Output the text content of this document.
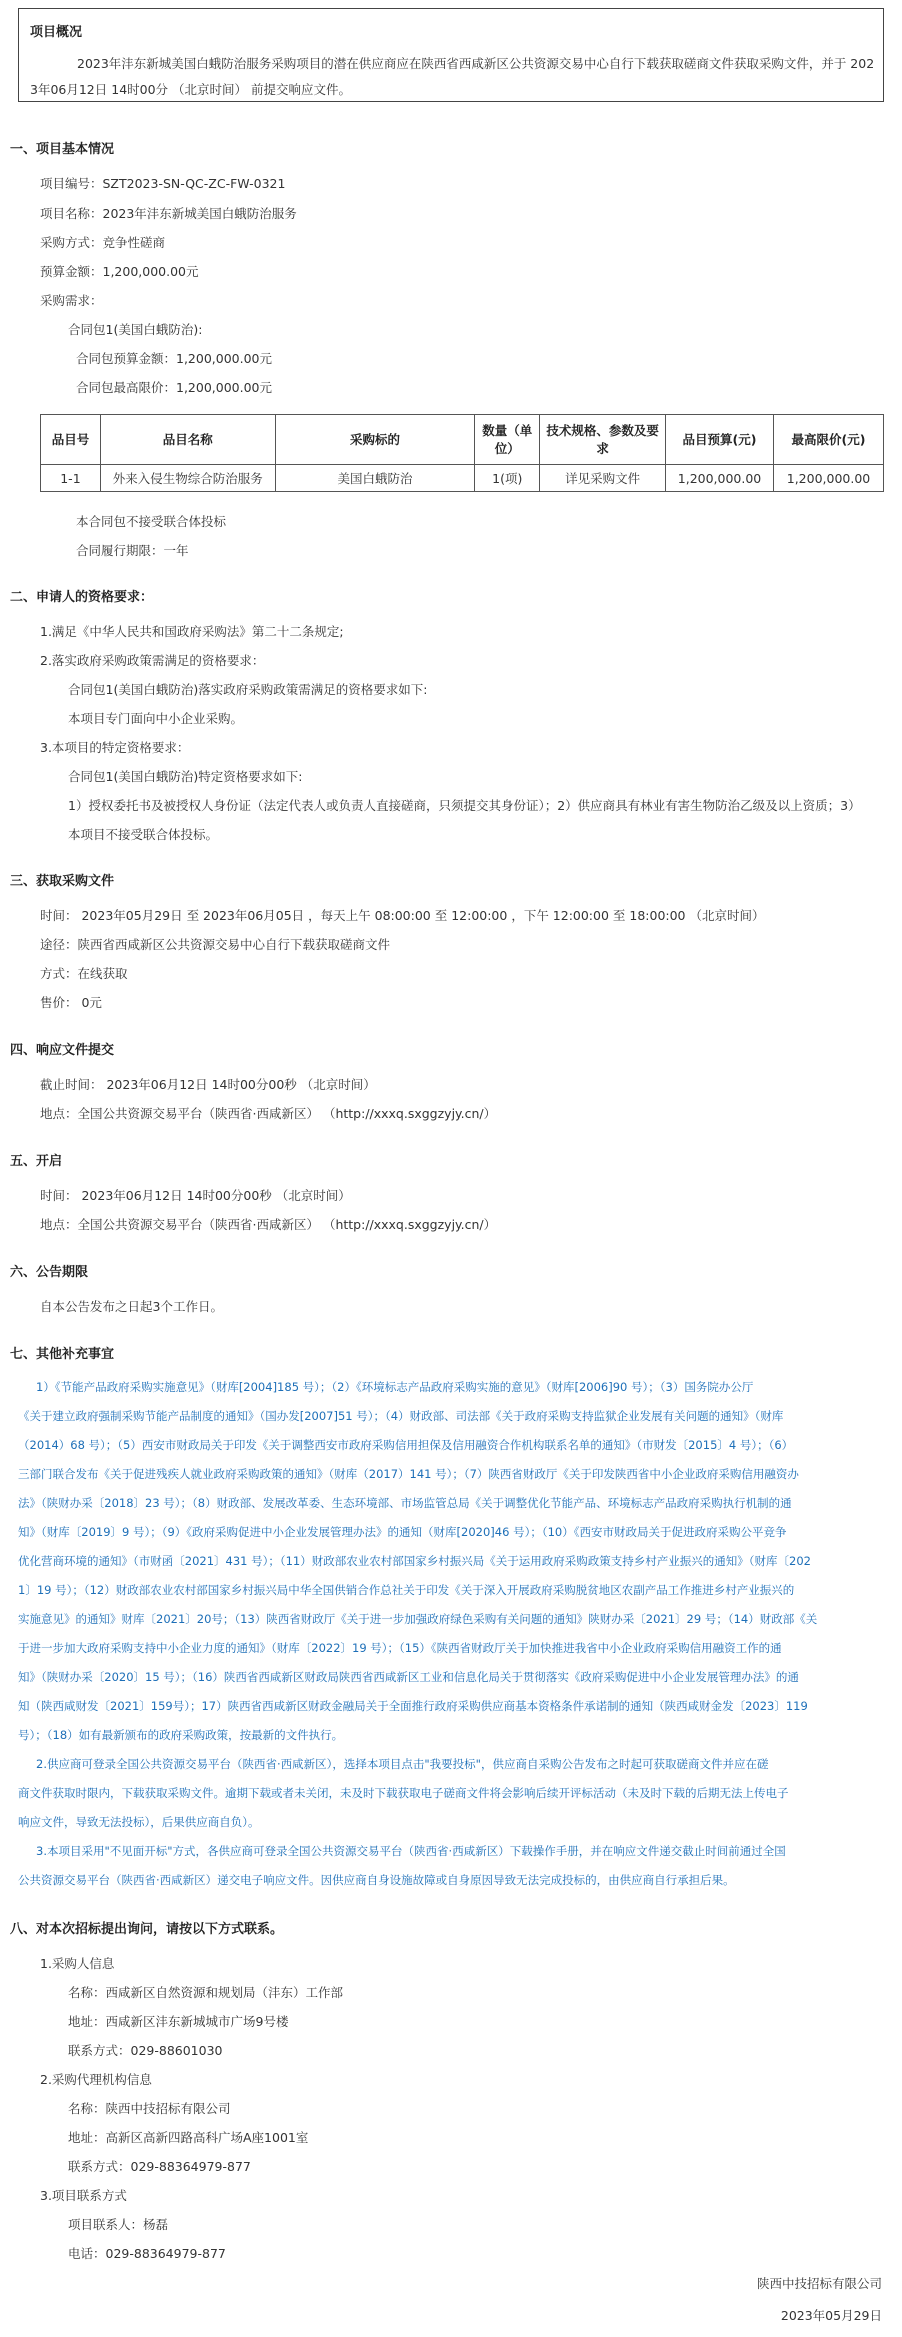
项目概况
2023年沣东新城美国白蛾防治服务采购项目的潜在供应商应在陕西省西咸新区公共资源交易中心自行下载获取磋商文件获取采购文件，并于 202
3年06月12日 14时00分 （北京时间） 前提交响应文件。
一、项目基本情况
项目编号：SZT2023-SN-QC-ZC-FW-0321
项目名称：2023年沣东新城美国白蛾防治服务
采购方式：竞争性磋商
预算金额：1,200,000.00元
采购需求：
合同包1(美国白蛾防治):
合同包预算金额：1,200,000.00元
合同包最高限价：1,200,000.00元
品目号	品目名称	采购标的	数量（单位）	技术规格、参数及要求	品目预算(元)	最高限价(元)
1-1	外来入侵生物综合防治服务	美国白蛾防治	1(项)	详见采购文件	1,200,000.00	1,200,000.00
本合同包不接受联合体投标
合同履行期限：一年
二、申请人的资格要求：
1.满足《中华人民共和国政府采购法》第二十二条规定;
2.落实政府采购政策需满足的资格要求：
合同包1(美国白蛾防治)落实政府采购政策需满足的资格要求如下:
本项目专门面向中小企业采购。
3.本项目的特定资格要求：
合同包1(美国白蛾防治)特定资格要求如下:
1）授权委托书及被授权人身份证（法定代表人或负责人直接磋商，只须提交其身份证）；2）供应商具有林业有害生物防治乙级及以上资质；3）
本项目不接受联合体投标。
三、获取采购文件
时间： 2023年05月29日 至 2023年06月05日 ，每天上午 08:00:00 至 12:00:00 ，下午 12:00:00 至 18:00:00 （北京时间）
途径：陕西省西咸新区公共资源交易中心自行下载获取磋商文件
方式：在线获取
售价： 0元
四、响应文件提交
截止时间： 2023年06月12日 14时00分00秒 （北京时间）
地点：全国公共资源交易平台（陕西省·西咸新区） （http://xxxq.sxggzyjy.cn/）
五、开启
时间： 2023年06月12日 14时00分00秒 （北京时间）
地点：全国公共资源交易平台（陕西省·西咸新区） （http://xxxq.sxggzyjy.cn/）
六、公告期限
自本公告发布之日起3个工作日。
七、其他补充事宜
1）《节能产品政府采购实施意见》（财库[2004]185 号）；（2）《环境标志产品政府采购实施的意见》（财库[2006]90 号）；（3）国务院办公厅
《关于建立政府强制采购节能产品制度的通知》（国办发[2007]51 号）；（4）财政部、司法部《关于政府采购支持监狱企业发展有关问题的通知》（财库
（2014）68 号）；（5）西安市财政局关于印发《关于调整西安市政府采购信用担保及信用融资合作机构联系名单的通知》（市财发〔2015〕4 号）；（6）
三部门联合发布《关于促进残疾人就业政府采购政策的通知》（财库（2017）141 号）；（7）陕西省财政厅《关于印发陕西省中小企业政府采购信用融资办
法》（陕财办采〔2018〕23 号）；（8）财政部、发展改革委、生态环境部、市场监管总局《关于调整优化节能产品、环境标志产品政府采购执行机制的通
知》（财库〔2019〕9 号）；（9）《政府采购促进中小企业发展管理办法》的通知（财库[2020]46 号）；（10）《西安市财政局关于促进政府采购公平竞争
优化营商环境的通知》（市财函〔2021〕431 号）；（11）财政部农业农村部国家乡村振兴局《关于运用政府采购政策支持乡村产业振兴的通知》（财库〔202
1〕19 号）；（12）财政部农业农村部国家乡村振兴局中华全国供销合作总社关于印发《关于深入开展政府采购脱贫地区农副产品工作推进乡村产业振兴的
实施意见》的通知》财库〔2021〕20号；（13）陕西省财政厅《关于进一步加强政府绿色采购有关问题的通知》陕财办采〔2021〕29 号；（14）财政部《关
于进一步加大政府采购支持中小企业力度的通知》（财库〔2022〕19 号）；（15）《陕西省财政厅关于加快推进我省中小企业政府采购信用融资工作的通
知》（陕财办采〔2020〕15 号）；（16）陕西省西咸新区财政局陕西省西咸新区工业和信息化局关于贯彻落实《政府采购促进中小企业发展管理办法》的通
知（陕西咸财发〔2021〕159号）；17）陕西省西咸新区财政金融局关于全面推行政府采购供应商基本资格条件承诺制的通知（陕西咸财金发〔2023〕119
号）；（18）如有最新颁布的政府采购政策，按最新的文件执行。
2.供应商可登录全国公共资源交易平台（陕西省·西咸新区），选择本项目点击"我要投标"，供应商自采购公告发布之时起可获取磋商文件并应在磋
商文件获取时限内，下载获取采购文件。逾期下载或者未关闭，未及时下载获取电子磋商文件将会影响后续开评标活动（未及时下载的后期无法上传电子
响应文件，导致无法投标），后果供应商自负）。
3.本项目采用"不见面开标"方式，各供应商可登录全国公共资源交易平台（陕西省·西咸新区）下载操作手册，并在响应文件递交截止时间前通过全国
公共资源交易平台（陕西省·西咸新区）递交电子响应文件。因供应商自身设施故障或自身原因导致无法完成投标的，由供应商自行承担后果。
八、对本次招标提出询问，请按以下方式联系。
1.采购人信息
名称：西咸新区自然资源和规划局（沣东）工作部
地址：西咸新区沣东新城城市广场9号楼
联系方式：029-88601030
2.采购代理机构信息
名称：陕西中技招标有限公司
地址：高新区高新四路高科广场A座1001室
联系方式：029-88364979-877
3.项目联系方式
项目联系人：杨磊
电话：029-88364979-877
陕西中技招标有限公司
2023年05月29日
